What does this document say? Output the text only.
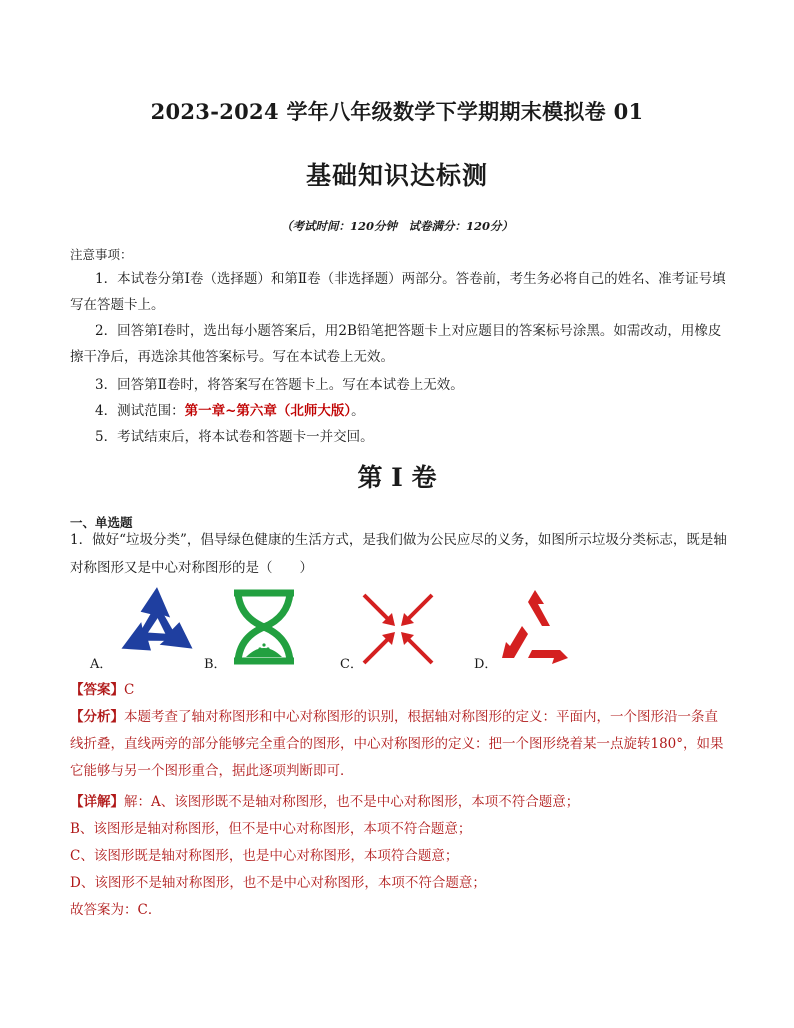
2023-2024 学年八年级数学下学期期末模拟卷 01
基础知识达标测
（考试时间：120分钟　试卷满分：120分）
注意事项：
1．本试卷分第Ⅰ卷（选择题）和第Ⅱ卷（非选择题）两部分。答卷前，考生务必将自己的姓名、准考证号填写在答题卡上。
2．回答第Ⅰ卷时，选出每小题答案后，用2B铅笔把答题卡上对应题目的答案标号涂黑。如需改动，用橡皮擦干净后，再选涂其他答案标号。写在本试卷上无效。
3．回答第Ⅱ卷时，将答案写在答题卡上。写在本试卷上无效。
4．测试范围：第一章~第六章（北师大版）。
5．考试结束后，将本试卷和答题卡一并交回。
第 I 卷
一、单选题
1．做好“垃圾分类”，倡导绿色健康的生活方式，是我们做为公民应尽的义务，如图所示垃圾分类标志，既是轴对称图形又是中心对称图形的是（　　）
A．	B．	C．	D．
【答案】C
【分析】本题考查了轴对称图形和中心对称图形的识别，根据轴对称图形的定义：平面内，一个图形沿一条直线折叠，直线两旁的部分能够完全重合的图形，中心对称图形的定义：把一个图形绕着某一点旋转180°，如果它能够与另一个图形重合，据此逐项判断即可．
【详解】解：A、该图形既不是轴对称图形，也不是中心对称图形，本项不符合题意；
B、该图形是轴对称图形，但不是中心对称图形，本项不符合题意；
C、该图形既是轴对称图形，也是中心对称图形，本项符合题意；
D、该图形不是轴对称图形，也不是中心对称图形，本项不符合题意；
故答案为：C．
